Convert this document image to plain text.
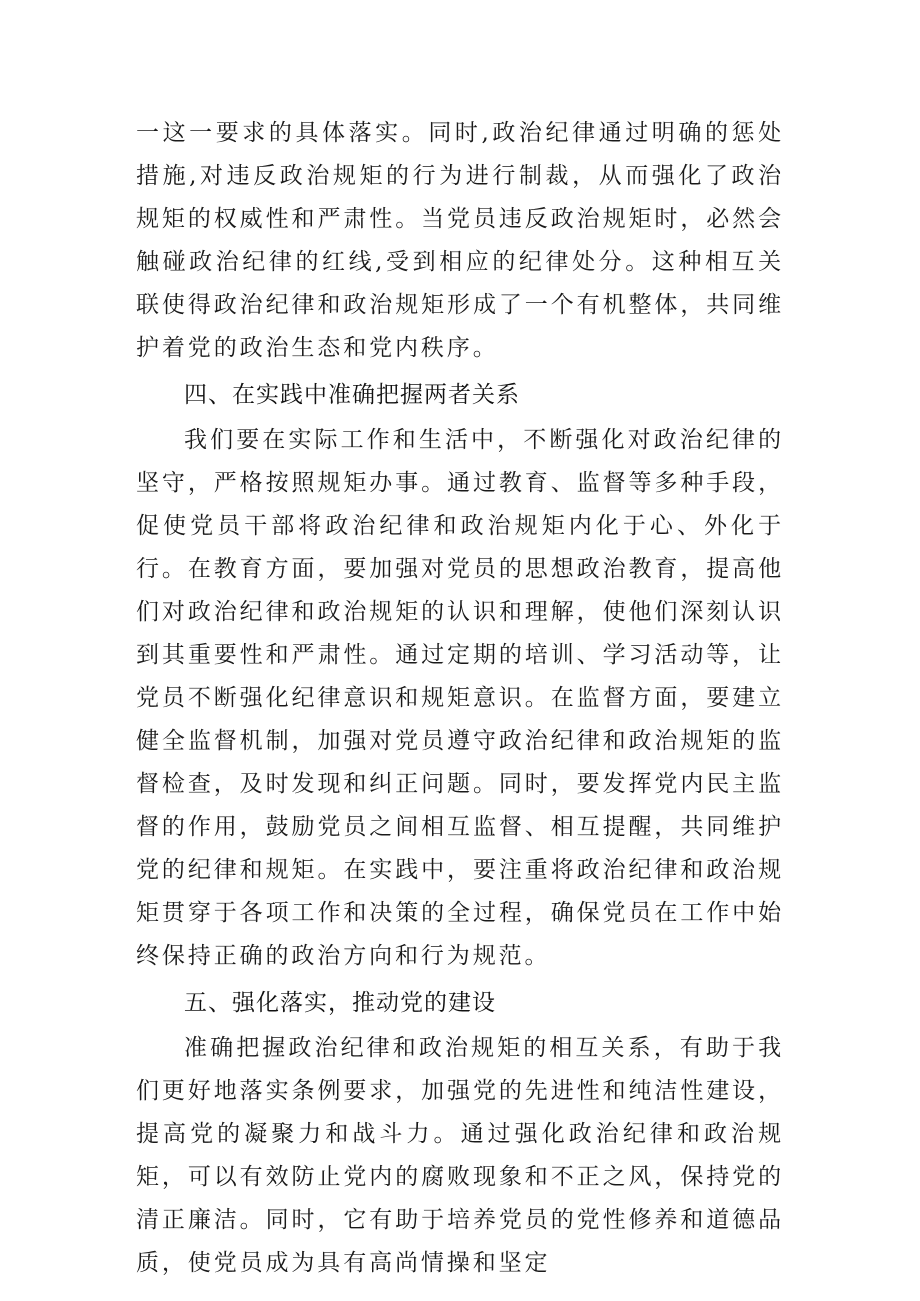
一这一要求的具体落实。同时,政治纪律通过明确的惩处措施,对违反政治规矩的行为进行制裁，从而强化了政治规矩的权威性和严肃性。当党员违反政治规矩时，必然会触碰政治纪律的红线,受到相应的纪律处分。这种相互关联使得政治纪律和政治规矩形成了一个有机整体，共同维护着党的政治生态和党内秩序。

四、在实践中准确把握两者关系

我们要在实际工作和生活中，不断强化对政治纪律的坚守，严格按照规矩办事。通过教育、监督等多种手段，促使党员干部将政治纪律和政治规矩内化于心、外化于行。在教育方面，要加强对党员的思想政治教育，提高他们对政治纪律和政治规矩的认识和理解，使他们深刻认识到其重要性和严肃性。通过定期的培训、学习活动等，让党员不断强化纪律意识和规矩意识。在监督方面，要建立健全监督机制，加强对党员遵守政治纪律和政治规矩的监督检查，及时发现和纠正问题。同时，要发挥党内民主监督的作用，鼓励党员之间相互监督、相互提醒，共同维护党的纪律和规矩。在实践中，要注重将政治纪律和政治规矩贯穿于各项工作和决策的全过程，确保党员在工作中始终保持正确的政治方向和行为规范。

五、强化落实，推动党的建设

准确把握政治纪律和政治规矩的相互关系，有助于我们更好地落实条例要求，加强党的先进性和纯洁性建设，提高党的凝聚力和战斗力。通过强化政治纪律和政治规矩，可以有效防止党内的腐败现象和不正之风，保持党的清正廉洁。同时，它有助于培养党员的党性修养和道德品质，使党员成为具有高尚情操和坚定
